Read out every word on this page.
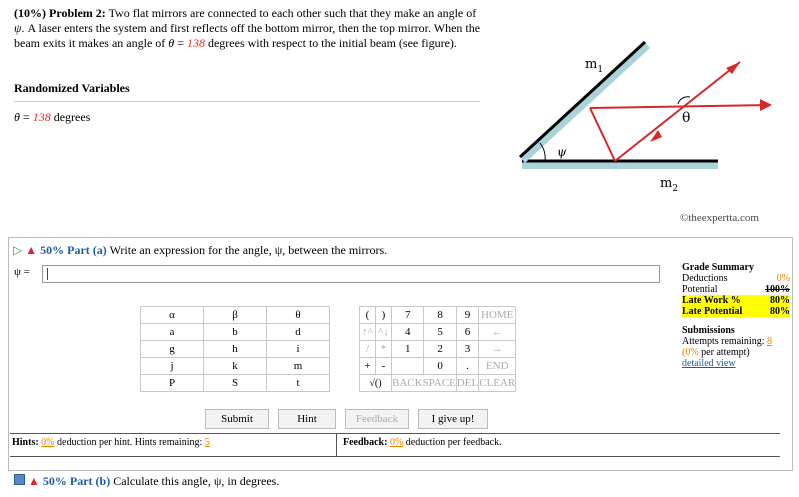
(10%) Problem 2: Two flat mirrors are connected to each other such that they make an angle of ψ. A laser enters the system and first reflects off the bottom mirror, then the top mirror. When the beam exits it makes an angle of θ = 138 degrees with respect to the initial beam (see figure).
Randomized Variables
θ = 138 degrees	θ
ψ
$m_1$
$m_2$
©theexpertta.com
▷ ▲ 50% Part (a) Write an expression for the angle, ψ, between the mirrors.
ψ =
α	β	θ
a	b	d
g	h	i
j	k	m
P	S	t
(	)	7	8	9	HOME
↑^	^↓	4	5	6	←
/	*	1	2	3	→
+	-		0	.	END
√()		BACKSPACE		DEL	CLEAR
Submit	Hint	Feedback	I give up!
Hints: 0% deduction per hint. Hints remaining: 5	Feedback: 0% deduction per feedback.
Grade Summary
Deductions	0%
Potential	100%
Late Work %	80%
Late Potential	80%
Submissions
Attempts remaining: 8
(0% per attempt)
detailed view
▲ 50% Part (b) Calculate this angle, ψ, in degrees.
